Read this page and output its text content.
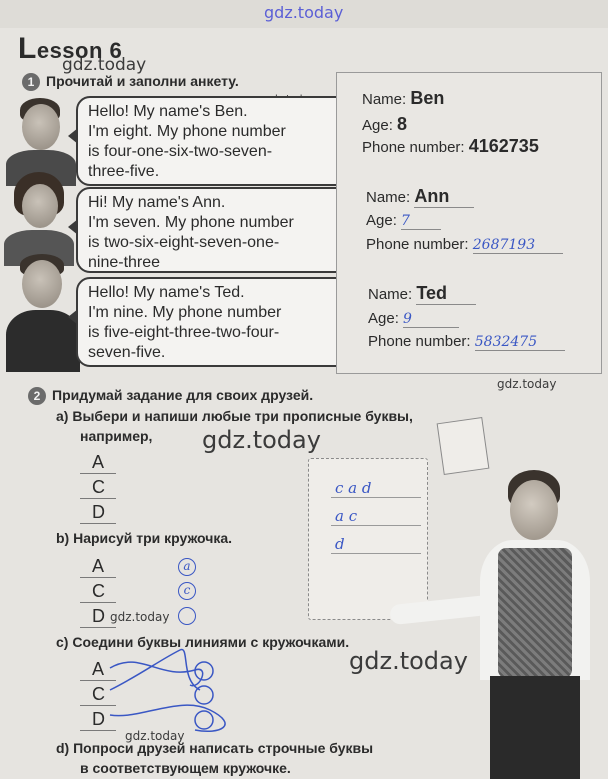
gdz.today
gdz.today
gdz.today
gdz.today
gdz.today
gdz.today
gdz.today
Lesson 6
1 Прочитай и заполни анкету.
Hello! My name's Ben.
I'm eight. My phone number
is four-one-six-two-seven-
three-five.
Hi! My name's Ann.
I'm seven. My phone number
is two-six-eight-seven-one-
nine-three
Hello! My name's Ted.
I'm nine. My phone number
is five-eight-three-two-four-
seven-five.
Name: Ben
Age: 8
Phone number: 4162735
Name: Ann
Age: 7
Phone number: 2687193
Name: Ted
Age: 9
Phone number: 5832475
2 Придумай задание для своих друзей.
a) Выбери и напиши любые три прописные буквы,
например,
A
C
D
b) Нарисуй три кружочка.
A
C
D
a
c
c) Соедини буквы линиями с кружочками.
A
C
D
d) Попроси друзей написать строчные буквы
в соответствующем кружочке.
c a d
a c
d
